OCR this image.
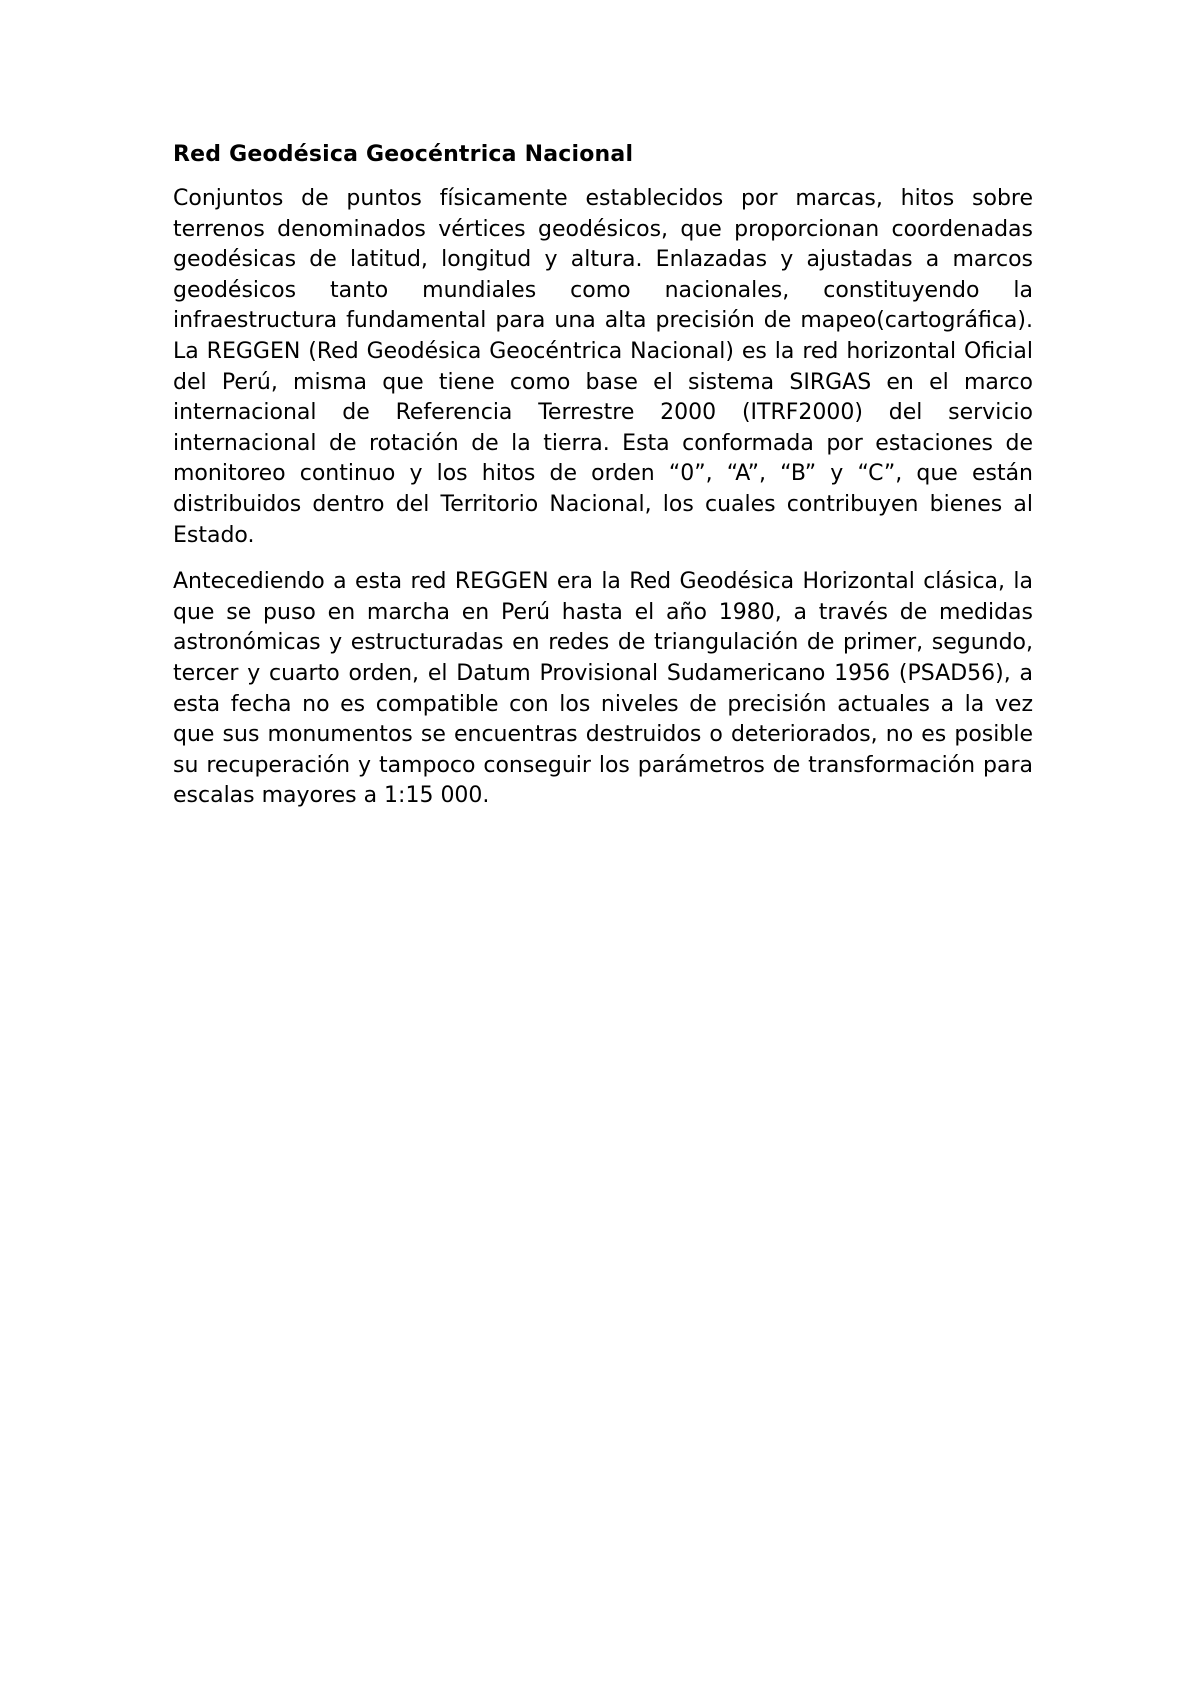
Red Geodésica Geocéntrica Nacional

Conjuntos de puntos físicamente establecidos por marcas, hitos sobre terrenos denominados vértices geodésicos, que proporcionan coordenadas geodésicas de latitud, longitud y altura. Enlazadas y ajustadas a marcos geodésicos tanto mundiales como nacionales, constituyendo la infraestructura fundamental para una alta precisión de mapeo(cartográfica). La REGGEN (Red Geodésica Geocéntrica Nacional) es la red horizontal Oficial del Perú, misma que tiene como base el sistema SIRGAS en el marco internacional de Referencia Terrestre 2000 (ITRF2000) del servicio internacional de rotación de la tierra. Esta conformada por estaciones de monitoreo continuo y los hitos de orden “0”, “A”, “B” y “C”, que están distribuidos dentro del Territorio Nacional, los cuales contribuyen bienes al Estado.

Antecediendo a esta red REGGEN era la Red Geodésica Horizontal clásica, la que se puso en marcha en Perú hasta el año 1980, a través de medidas astronómicas y estructuradas en redes de triangulación de primer, segundo, tercer y cuarto orden, el Datum Provisional Sudamericano 1956 (PSAD56), a esta fecha no es compatible con los niveles de precisión actuales a la vez que sus monumentos se encuentras destruidos o deteriorados, no es posible su recuperación y tampoco conseguir los parámetros de transformación para escalas mayores a 1:15 000.
